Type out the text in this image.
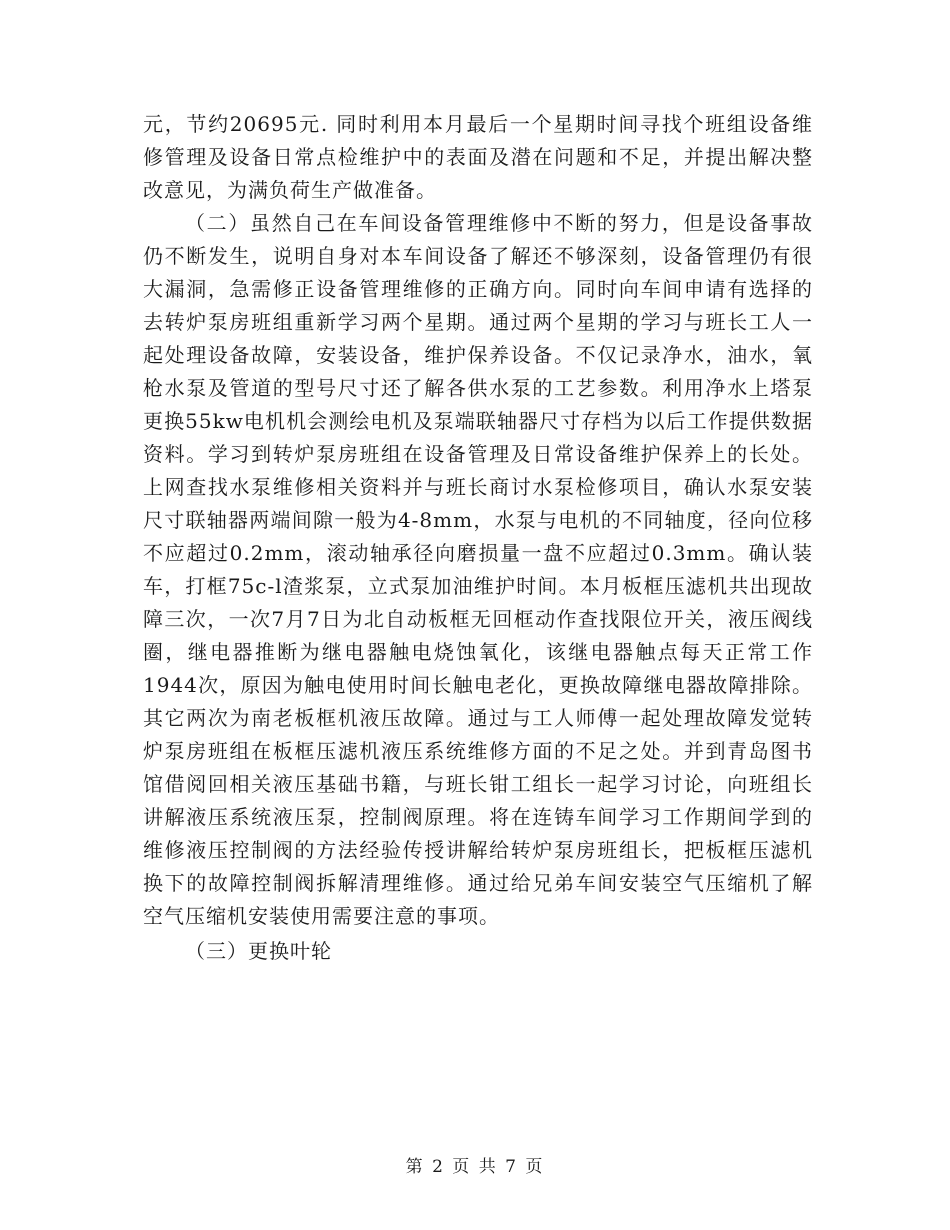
元，节约20695元. 同时利用本月最后一个星期时间寻找个班组设备维修管理及设备日常点检维护中的表面及潜在问题和不足，并提出解决整改意见，为满负荷生产做准备。

（二）虽然自己在车间设备管理维修中不断的努力，但是设备事故仍不断发生，说明自身对本车间设备了解还不够深刻，设备管理仍有很大漏洞，急需修正设备管理维修的正确方向。同时向车间申请有选择的去转炉泵房班组重新学习两个星期。通过两个星期的学习与班长工人一起处理设备故障，安装设备，维护保养设备。不仅记录净水，油水，氧枪水泵及管道的型号尺寸还了解各供水泵的工艺参数。利用净水上塔泵更换55kw电机机会测绘电机及泵端联轴器尺寸存档为以后工作提供数据资料。学习到转炉泵房班组在设备管理及日常设备维护保养上的长处。上网查找水泵维修相关资料并与班长商讨水泵检修项目，确认水泵安装尺寸联轴器两端间隙一般为4-8mm，水泵与电机的不同轴度，径向位移不应超过0.2mm，滚动轴承径向磨损量一盘不应超过0.3mm。确认装车，打框75c-l渣浆泵，立式泵加油维护时间。本月板框压滤机共出现故障三次，一次7月7日为北自动板框无回框动作查找限位开关，液压阀线圈，继电器推断为继电器触电烧蚀氧化，该继电器触点每天正常工作1944次，原因为触电使用时间长触电老化，更换故障继电器故障排除。其它两次为南老板框机液压故障。通过与工人师傅一起处理故障发觉转炉泵房班组在板框压滤机液压系统维修方面的不足之处。并到青岛图书馆借阅回相关液压基础书籍，与班长钳工组长一起学习讨论，向班组长讲解液压系统液压泵，控制阀原理。将在连铸车间学习工作期间学到的维修液压控制阀的方法经验传授讲解给转炉泵房班组长，把板框压滤机换下的故障控制阀拆解清理维修。通过给兄弟车间安装空气压缩机了解空气压缩机安装使用需要注意的事项。

（三）更换叶轮

第 2 页 共 7 页
